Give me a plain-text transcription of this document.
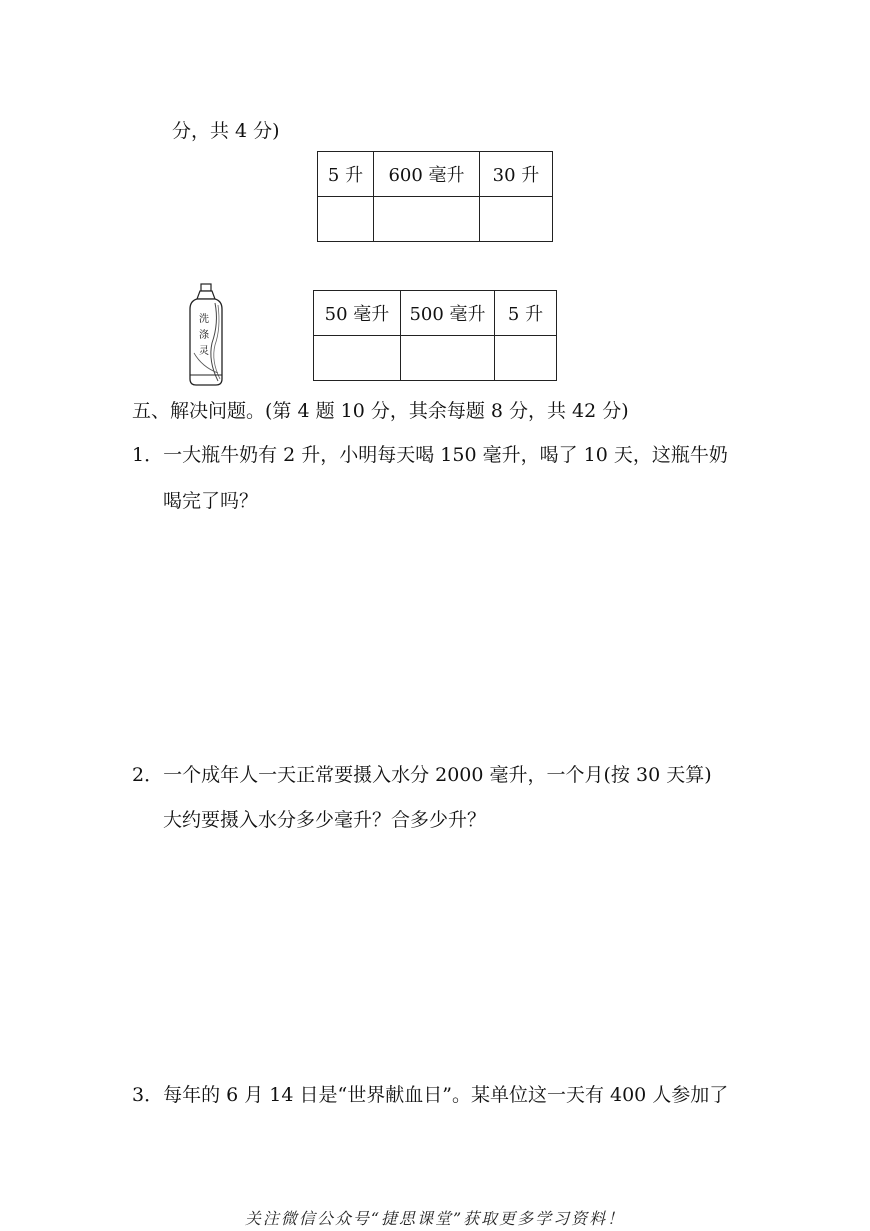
分，共 4 分)
5 升	600 毫升	30 升

洗
涤
灵
50 毫升	500 毫升	5 升

五、解决问题。(第 4 题 10 分，其余每题 8 分，共 42 分)
1．一大瓶牛奶有 2 升，小明每天喝 150 毫升，喝了 10 天，这瓶牛奶
喝完了吗？
2．一个成年人一天正常要摄入水分 2000 毫升，一个月(按 30 天算)
大约要摄入水分多少毫升？合多少升？
3．每年的 6 月 14 日是“世界献血日”。某单位这一天有 400 人参加了
关注微信公众号“捷思课堂”获取更多学习资料！
